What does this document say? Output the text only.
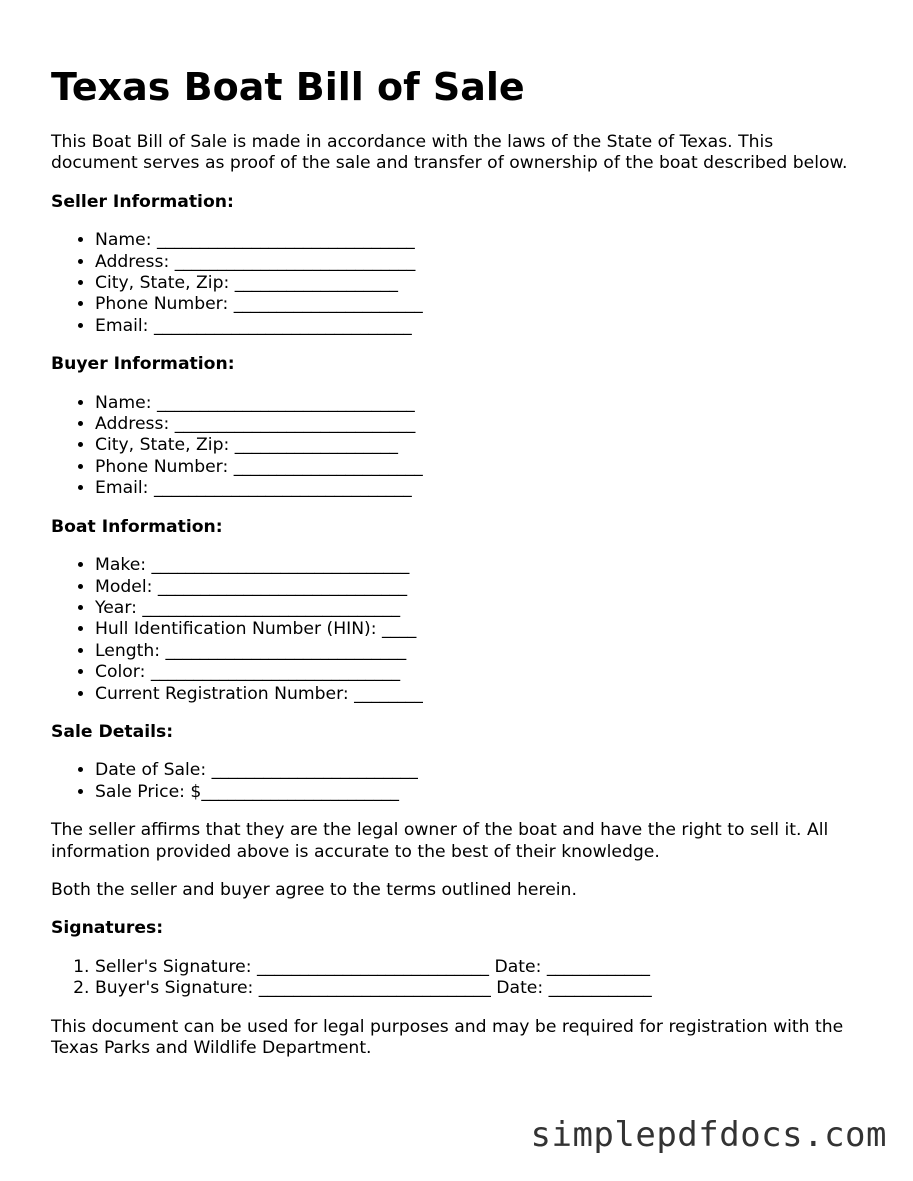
Texas Boat Bill of Sale

This Boat Bill of Sale is made in accordance with the laws of the State of Texas. This document serves as proof of the sale and transfer of ownership of the boat described below.

Seller Information:
• Name: ______________________________
• Address: ____________________________
• City, State, Zip: ___________________
• Phone Number: ______________________
• Email: ______________________________
Buyer Information:
• Name: ______________________________
• Address: ____________________________
• City, State, Zip: ___________________
• Phone Number: ______________________
• Email: ______________________________
Boat Information:
• Make: ______________________________
• Model: _____________________________
• Year: ______________________________
• Hull Identification Number (HIN): ____
• Length: ____________________________
• Color: _____________________________
• Current Registration Number: ________
Sale Details:
• Date of Sale: ________________________
• Sale Price: $_______________________

The seller affirms that they are the legal owner of the boat and have the right to sell it. All information provided above is accurate to the best of their knowledge.

Both the seller and buyer agree to the terms outlined herein.

Signatures:
1. Seller's Signature: ___________________________ Date: ____________
2. Buyer's Signature: ___________________________ Date: ____________

This document can be used for legal purposes and may be required for registration with the Texas Parks and Wildlife Department.

simplepdfdocs.com
